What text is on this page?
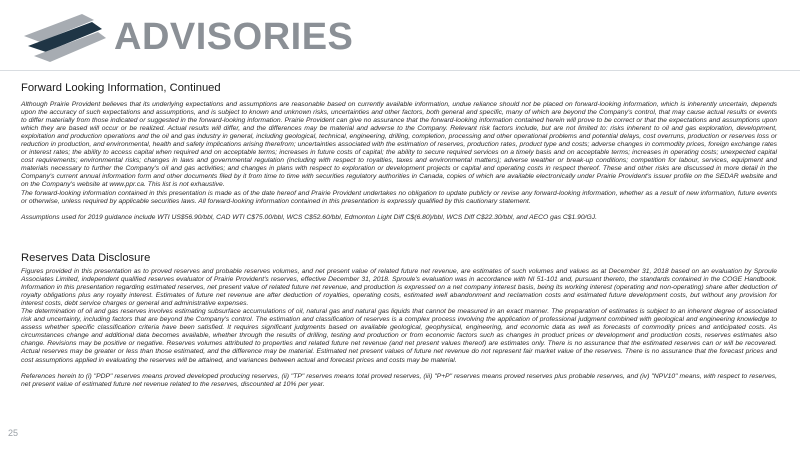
ADVISORIES
Forward Looking Information, Continued

Although Prairie Provident believes that its underlying expectations and assumptions are reasonable based on currently available information, undue reliance should not be placed on forward-looking information, which is inherently uncertain, depends upon the accuracy of such expectations and assumptions, and is subject to known and unknown risks, uncertainties and other factors, both general and specific, many of which are beyond the Company's control, that may cause actual results or events to differ materially from those indicated or suggested in the forward-looking information. Prairie Provident can give no assurance that the forward-looking information contained herein will prove to be correct or that the expectations and assumptions upon which they are based will occur or be realized. Actual results will differ, and the differences may be material and adverse to the Company. Relevant risk factors include, but are not limited to: risks inherent to oil and gas exploration, development, exploitation and production operations and the oil and gas industry in general, including geological, technical, engineering, drilling, completion, processing and other operational problems and potential delays, cost overruns, production or reserves loss or reduction in production, and environmental, health and safety implications arising therefrom; uncertainties associated with the estimation of reserves, production rates, product type and costs; adverse changes in commodity prices, foreign exchange rates or interest rates; the ability to access capital when required and on acceptable terms; increases in future costs of capital; the ability to secure required services on a timely basis and on acceptable terms; increases in operating costs; unexpected capital cost requirements; environmental risks; changes in laws and governmental regulation (including with respect to royalties, taxes and environmental matters); adverse weather or break-up conditions; competition for labour, services, equipment and materials necessary to further the Company's oil and gas activities; and changes in plans with respect to exploration or development projects or capital and operating costs in respect thereof. These and other risks are discussed in more detail in the Company's current annual information form and other documents filed by it from time to time with securities regulatory authorities in Canada, copies of which are available electronically under Prairie Provident's issuer profile on the SEDAR website and on the Company's website at www.ppr.ca. This list is not exhaustive.

The forward-looking information contained in this presentation is made as of the date hereof and Prairie Provident undertakes no obligation to update publicly or revise any forward-looking information, whether as a result of new information, future events or otherwise, unless required by applicable securities laws. All forward-looking information contained in this presentation is expressly qualified by this cautionary statement.

Assumptions used for 2019 guidance include WTI US$56.90/bbl, CAD WTI C$75.00/bbl, WCS C$52.60/bbl, Edmonton Light Diff C$(6.80)/bbl, WCS Diff C$22.30/bbl, and AECO gas C$1.90/GJ.

Reserves Data Disclosure

Figures provided in this presentation as to proved reserves and probable reserves volumes, and net present value of related future net revenue, are estimates of such volumes and values as at December 31, 2018 based on an evaluation by Sproule Associates Limited, independent qualified reserves evaluator of Prairie Provident's reserves, effective December 31, 2018. Sproule's evaluation was in accordance with NI 51-101 and, pursuant thereto, the standards contained in the COGE Handbook. Information in this presentation regarding estimated reserves, net present value of related future net revenue, and production is expressed on a net company interest basis, being its working interest (operating and non-operating) share after deduction of royalty obligations plus any royalty interest. Estimates of future net revenue are after deduction of royalties, operating costs, estimated well abandonment and reclamation costs and estimated future development costs, but without any provision for interest costs, debt service charges or general and administrative expenses.

The determination of oil and gas reserves involves estimating subsurface accumulations of oil, natural gas and natural gas liquids that cannot be measured in an exact manner. The preparation of estimates is subject to an inherent degree of associated risk and uncertainty, including factors that are beyond the Company's control. The estimation and classification of reserves is a complex process involving the application of professional judgment combined with geological and engineering knowledge to assess whether specific classification criteria have been satisfied. It requires significant judgments based on available geological, geophysical, engineering, and economic data as well as forecasts of commodity prices and anticipated costs. As circumstances change and additional data becomes available, whether through the results of drilling, testing and production or from economic factors such as changes in product prices or development and production costs, reserves estimates also change. Revisions may be positive or negative. Reserves volumes attributed to properties and related future net revenue (and net present values thereof) are estimates only. There is no assurance that the estimated reserves can or will be recovered. Actual reserves may be greater or less than those estimated, and the difference may be material. Estimated net present values of future net revenue do not represent fair market value of the reserves. There is no assurance that the forecast prices and cost assumptions applied in evaluating the reserves will be attained, and variances between actual and forecast prices and costs may be material.

References herein to (i) "PDP" reserves means proved developed producing reserves, (ii) "TP" reserves means total proved reserves, (iii) "P+P" reserves means proved reserves plus probable reserves, and (iv) "NPV10" means, with respect to reserves, net present value of estimated future net revenue related to the reserves, discounted at 10% per year.

25
